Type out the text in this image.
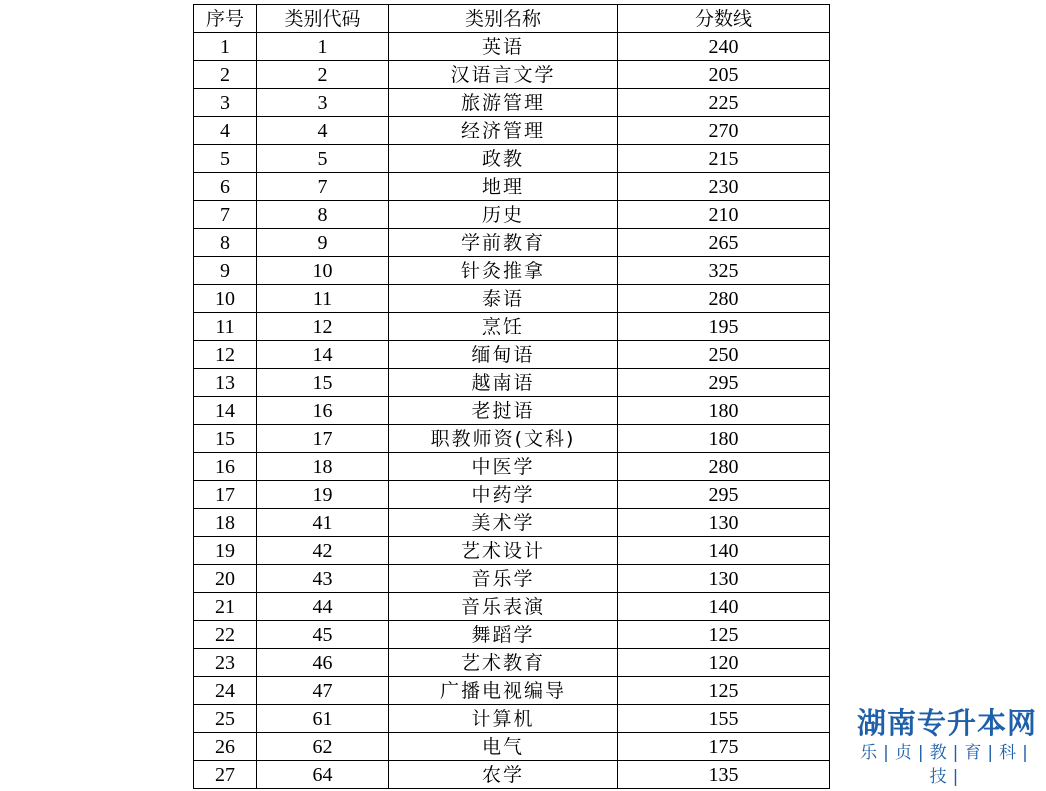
序号	类别代码	类别名称	分数线
1	1	英语	240
2	2	汉语言文学	205
3	3	旅游管理	225
4	4	经济管理	270
5	5	政教	215
6	7	地理	230
7	8	历史	210
8	9	学前教育	265
9	10	针灸推拿	325
10	11	泰语	280
11	12	烹饪	195
12	14	缅甸语	250
13	15	越南语	295
14	16	老挝语	180
15	17	职教师资(文科)	180
16	18	中医学	280
17	19	中药学	295
18	41	美术学	130
19	42	艺术设计	140
20	43	音乐学	130
21	44	音乐表演	140
22	45	舞蹈学	125
23	46	艺术教育	120
24	47	广播电视编导	125
25	61	计算机	155
26	62	电气	175
27	64	农学	135
湖南专升本网
乐|贞|教|育|科|技|
